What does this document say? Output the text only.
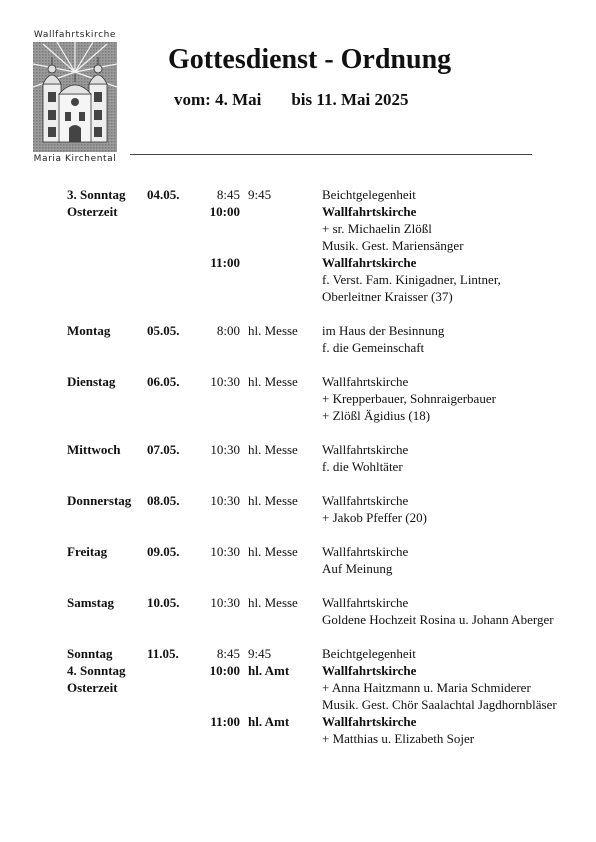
Wallfahrtskirche
Maria Kirchental
Gottesdienst - Ordnung
vom: 4. Mai bis 11. Mai 2025
3. Sonntag
Osterzeit
04.05.	8:45 9:45	Beichtgelegenheit
10:00	Wallfahrtskirche
+ sr. Michaelin Zlößl
Musik. Gest. Mariensänger
11:00	Wallfahrtskirche
f. Verst. Fam. Kinigadner, Lintner,
Oberleitner Kraisser (37)
Montag	05.05.	8:00 hl. Messe im Haus der Besinnung
f. die Gemeinschaft
Dienstag 06.05.	10:30 hl. Messe Wallfahrtskirche
+ Krepperbauer, Sohnraigerbauer
+ Zlößl Ägidius (18)
Mittwoch 07.05.	10:30 hl. Messe Wallfahrtskirche
f. die Wohltäter
Donnerstag 08.05.	10:30 hl. Messe Wallfahrtskirche
+ Jakob Pfeffer (20)
Freitag	09.05.	10:30 hl. Messe Wallfahrtskirche
Auf Meinung
Samstag	10.05.	10:30 hl. Messe Wallfahrtskirche
Goldene Hochzeit Rosina u. Johann Aberger
Sonntag
4. Sonntag
Osterzeit
11.05.	8:45 9:45	Beichtgelegenheit
10:00 hl. Amt	Wallfahrtskirche
+ Anna Haitzmann u. Maria Schmiderer
Musik. Gest. Chör Saalachtal Jagdhornbläser
11:00 hl. Amt	Wallfahrtskirche
+ Matthias u. Elizabeth Sojer
